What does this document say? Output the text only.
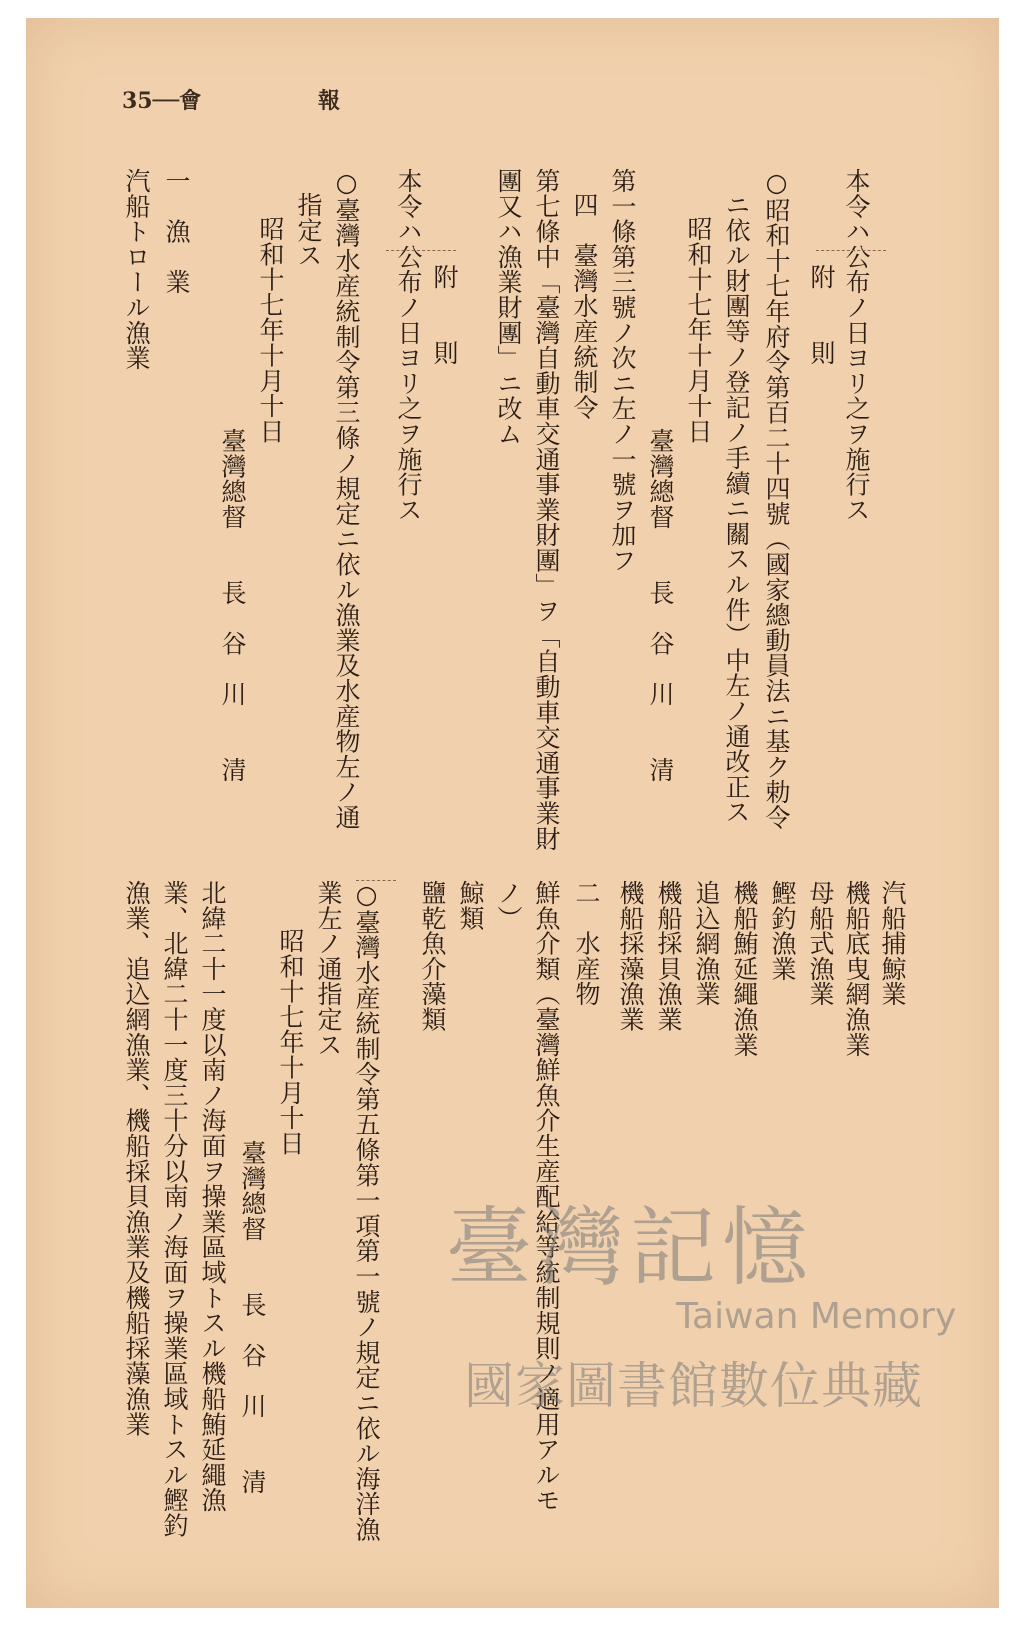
35──會	報
本令ハ公布ノ日ヨリ之ヲ施行ス
附　　則
○昭和十七年府令第百二十四號（國家總動員法ニ基ク勅令
ニ依ル財團等ノ登記ノ手續ニ關スル件）中左ノ通改正ス
昭和十七年十月十日
臺灣總督　　長　谷　川　　清
第一條第三號ノ次ニ左ノ一號ヲ加フ
四　臺灣水産統制令
第七條中「臺灣自動車交通事業財團」ヲ「自動車交通事業財
團又ハ漁業財團」ニ改ム
附　　則
本令ハ公布ノ日ヨリ之ヲ施行ス
○臺灣水産統制令第三條ノ規定ニ依ル漁業及水産物左ノ通
指定ス
昭和十七年十月十日
臺灣總督　　長　谷　川　　清
一　漁　業
汽船トロール漁業
汽船捕鯨業
機船底曳網漁業
母船式漁業
鰹釣漁業
機船鮪延繩漁業
追込網漁業
機船採貝漁業
機船採藻漁業
二　水産物
鮮魚介類（臺灣鮮魚介生産配給等統制規則ノ適用アルモ
ノ）
鯨類
鹽乾魚介藻類
○臺灣水産統制令第五條第一項第一號ノ規定ニ依ル海洋漁
業左ノ通指定ス
昭和十七年十月十日
臺灣總督　　長　谷　川　　清
北緯二十一度以南ノ海面ヲ操業區域トスル機船鮪延繩漁
業、北緯二十一度三十分以南ノ海面ヲ操業區域トスル鰹釣
漁業、追込網漁業、機船採貝漁業及機船採藻漁業	臺灣記憶
Taiwan Memory
國家圖書館數位典藏
